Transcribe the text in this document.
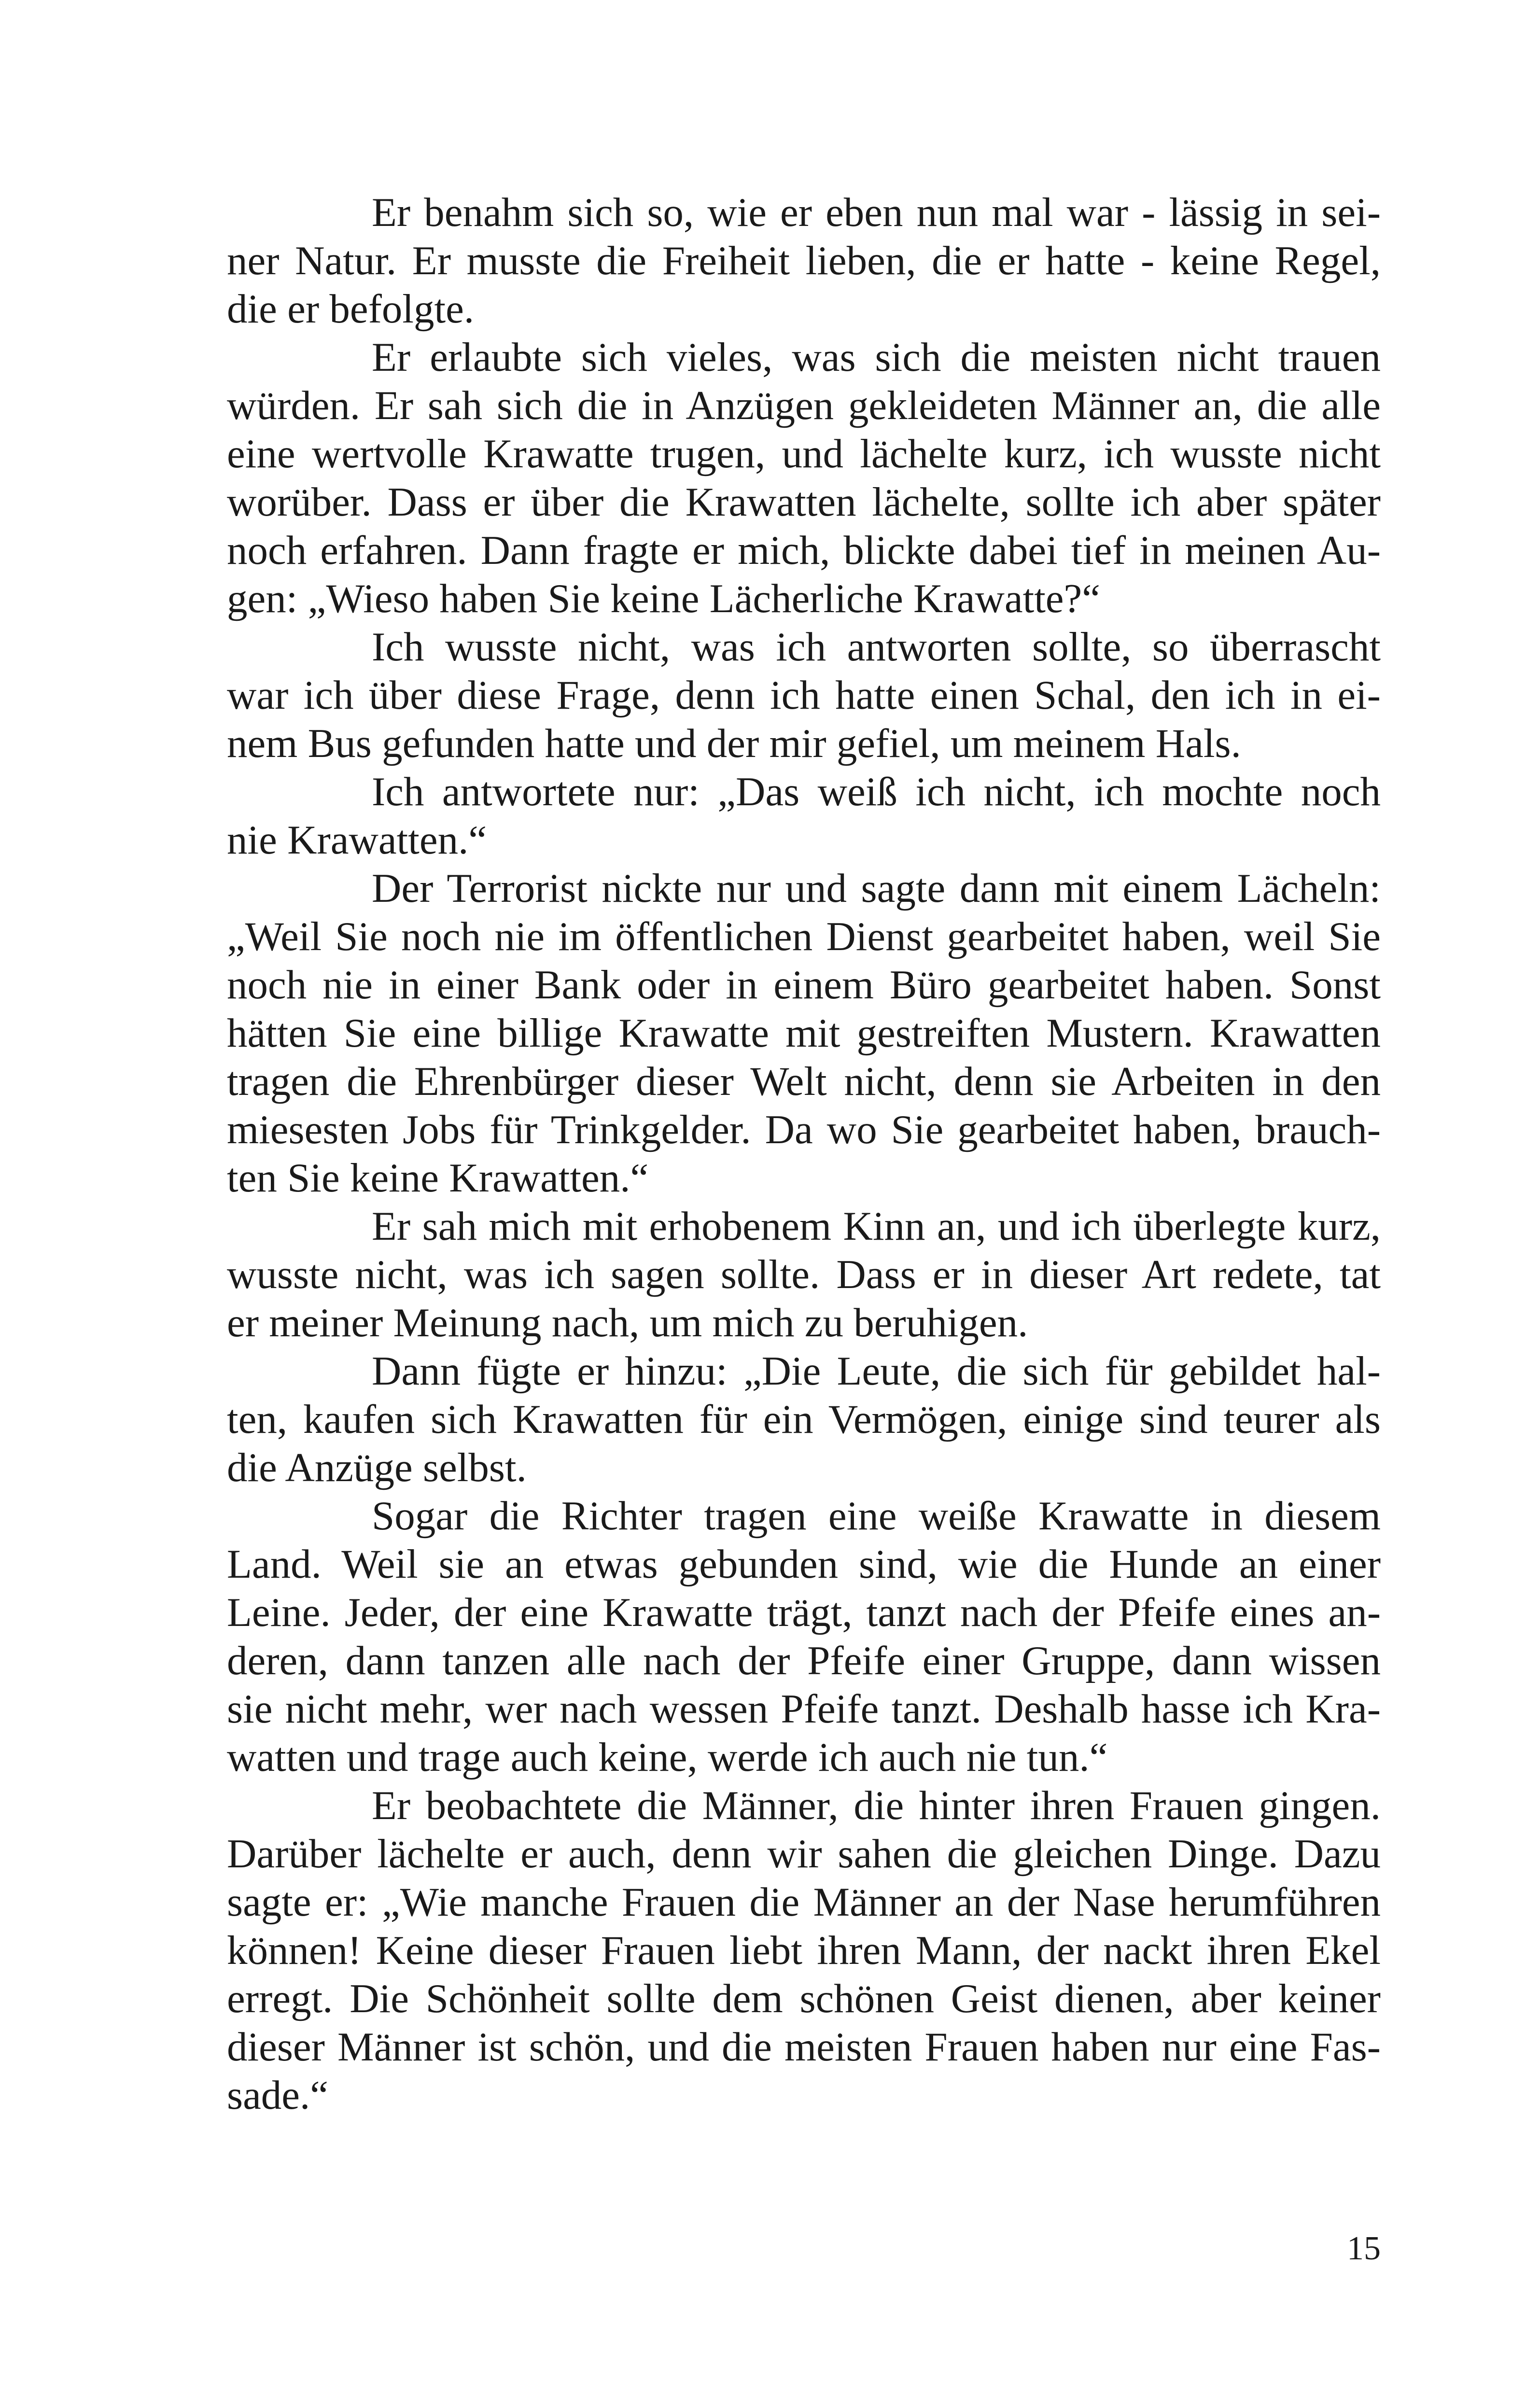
Er benahm sich so, wie er eben nun mal war - lässig in sei-
ner Natur. Er musste die Freiheit lieben, die er hatte - keine Regel,
die er befolgte.
Er erlaubte sich vieles, was sich die meisten nicht trauen
würden. Er sah sich die in Anzügen gekleideten Männer an, die alle
eine wertvolle Krawatte trugen, und lächelte kurz, ich wusste nicht
worüber. Dass er über die Krawatten lächelte, sollte ich aber später
noch erfahren. Dann fragte er mich, blickte dabei tief in meinen Au-
gen: „Wieso haben Sie keine Lächerliche Krawatte?“
Ich wusste nicht, was ich antworten sollte, so überrascht
war ich über diese Frage, denn ich hatte einen Schal, den ich in ei-
nem Bus gefunden hatte und der mir gefiel, um meinem Hals.
Ich antwortete nur: „Das weiß ich nicht, ich mochte noch
nie Krawatten.“
Der Terrorist nickte nur und sagte dann mit einem Lächeln:
„Weil Sie noch nie im öffentlichen Dienst gearbeitet haben, weil Sie
noch nie in einer Bank oder in einem Büro gearbeitet haben. Sonst
hätten Sie eine billige Krawatte mit gestreiften Mustern. Krawatten
tragen die Ehrenbürger dieser Welt nicht, denn sie Arbeiten in den
miesesten Jobs für Trinkgelder. Da wo Sie gearbeitet haben, brauch-
ten Sie keine Krawatten.“
Er sah mich mit erhobenem Kinn an, und ich überlegte kurz,
wusste nicht, was ich sagen sollte. Dass er in dieser Art redete, tat
er meiner Meinung nach, um mich zu beruhigen.
Dann fügte er hinzu: „Die Leute, die sich für gebildet hal-
ten, kaufen sich Krawatten für ein Vermögen, einige sind teurer als
die Anzüge selbst.
Sogar die Richter tragen eine weiße Krawatte in diesem
Land. Weil sie an etwas gebunden sind, wie die Hunde an einer
Leine. Jeder, der eine Krawatte trägt, tanzt nach der Pfeife eines an-
deren, dann tanzen alle nach der Pfeife einer Gruppe, dann wissen
sie nicht mehr, wer nach wessen Pfeife tanzt. Deshalb hasse ich Kra-
watten und trage auch keine, werde ich auch nie tun.“
Er beobachtete die Männer, die hinter ihren Frauen gingen.
Darüber lächelte er auch, denn wir sahen die gleichen Dinge. Dazu
sagte er: „Wie manche Frauen die Männer an der Nase herumführen
können! Keine dieser Frauen liebt ihren Mann, der nackt ihren Ekel
erregt. Die Schönheit sollte dem schönen Geist dienen, aber keiner
dieser Männer ist schön, und die meisten Frauen haben nur eine Fas-
sade.“
15
